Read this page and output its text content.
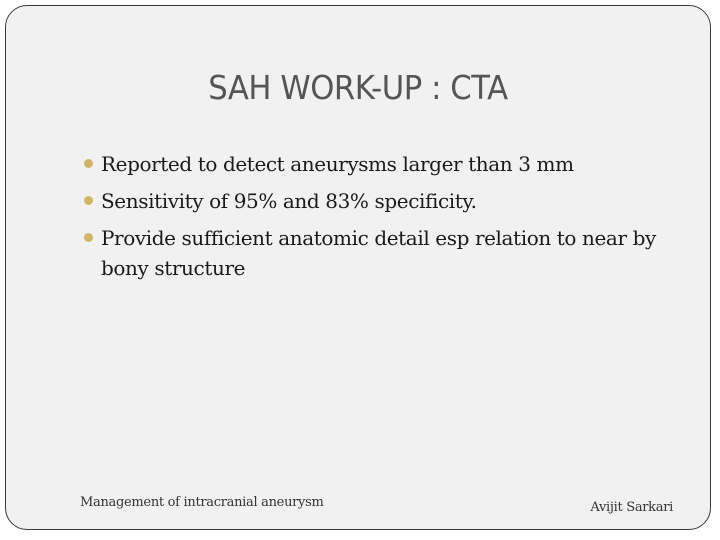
SAH WORK-UP : CTA
Reported to detect aneurysms larger than 3 mm
Sensitivity of 95% and 83% specificity.
Provide sufficient anatomic detail esp relation to near by bony structure
Management of intracranial aneurysm	Avijit Sarkari
